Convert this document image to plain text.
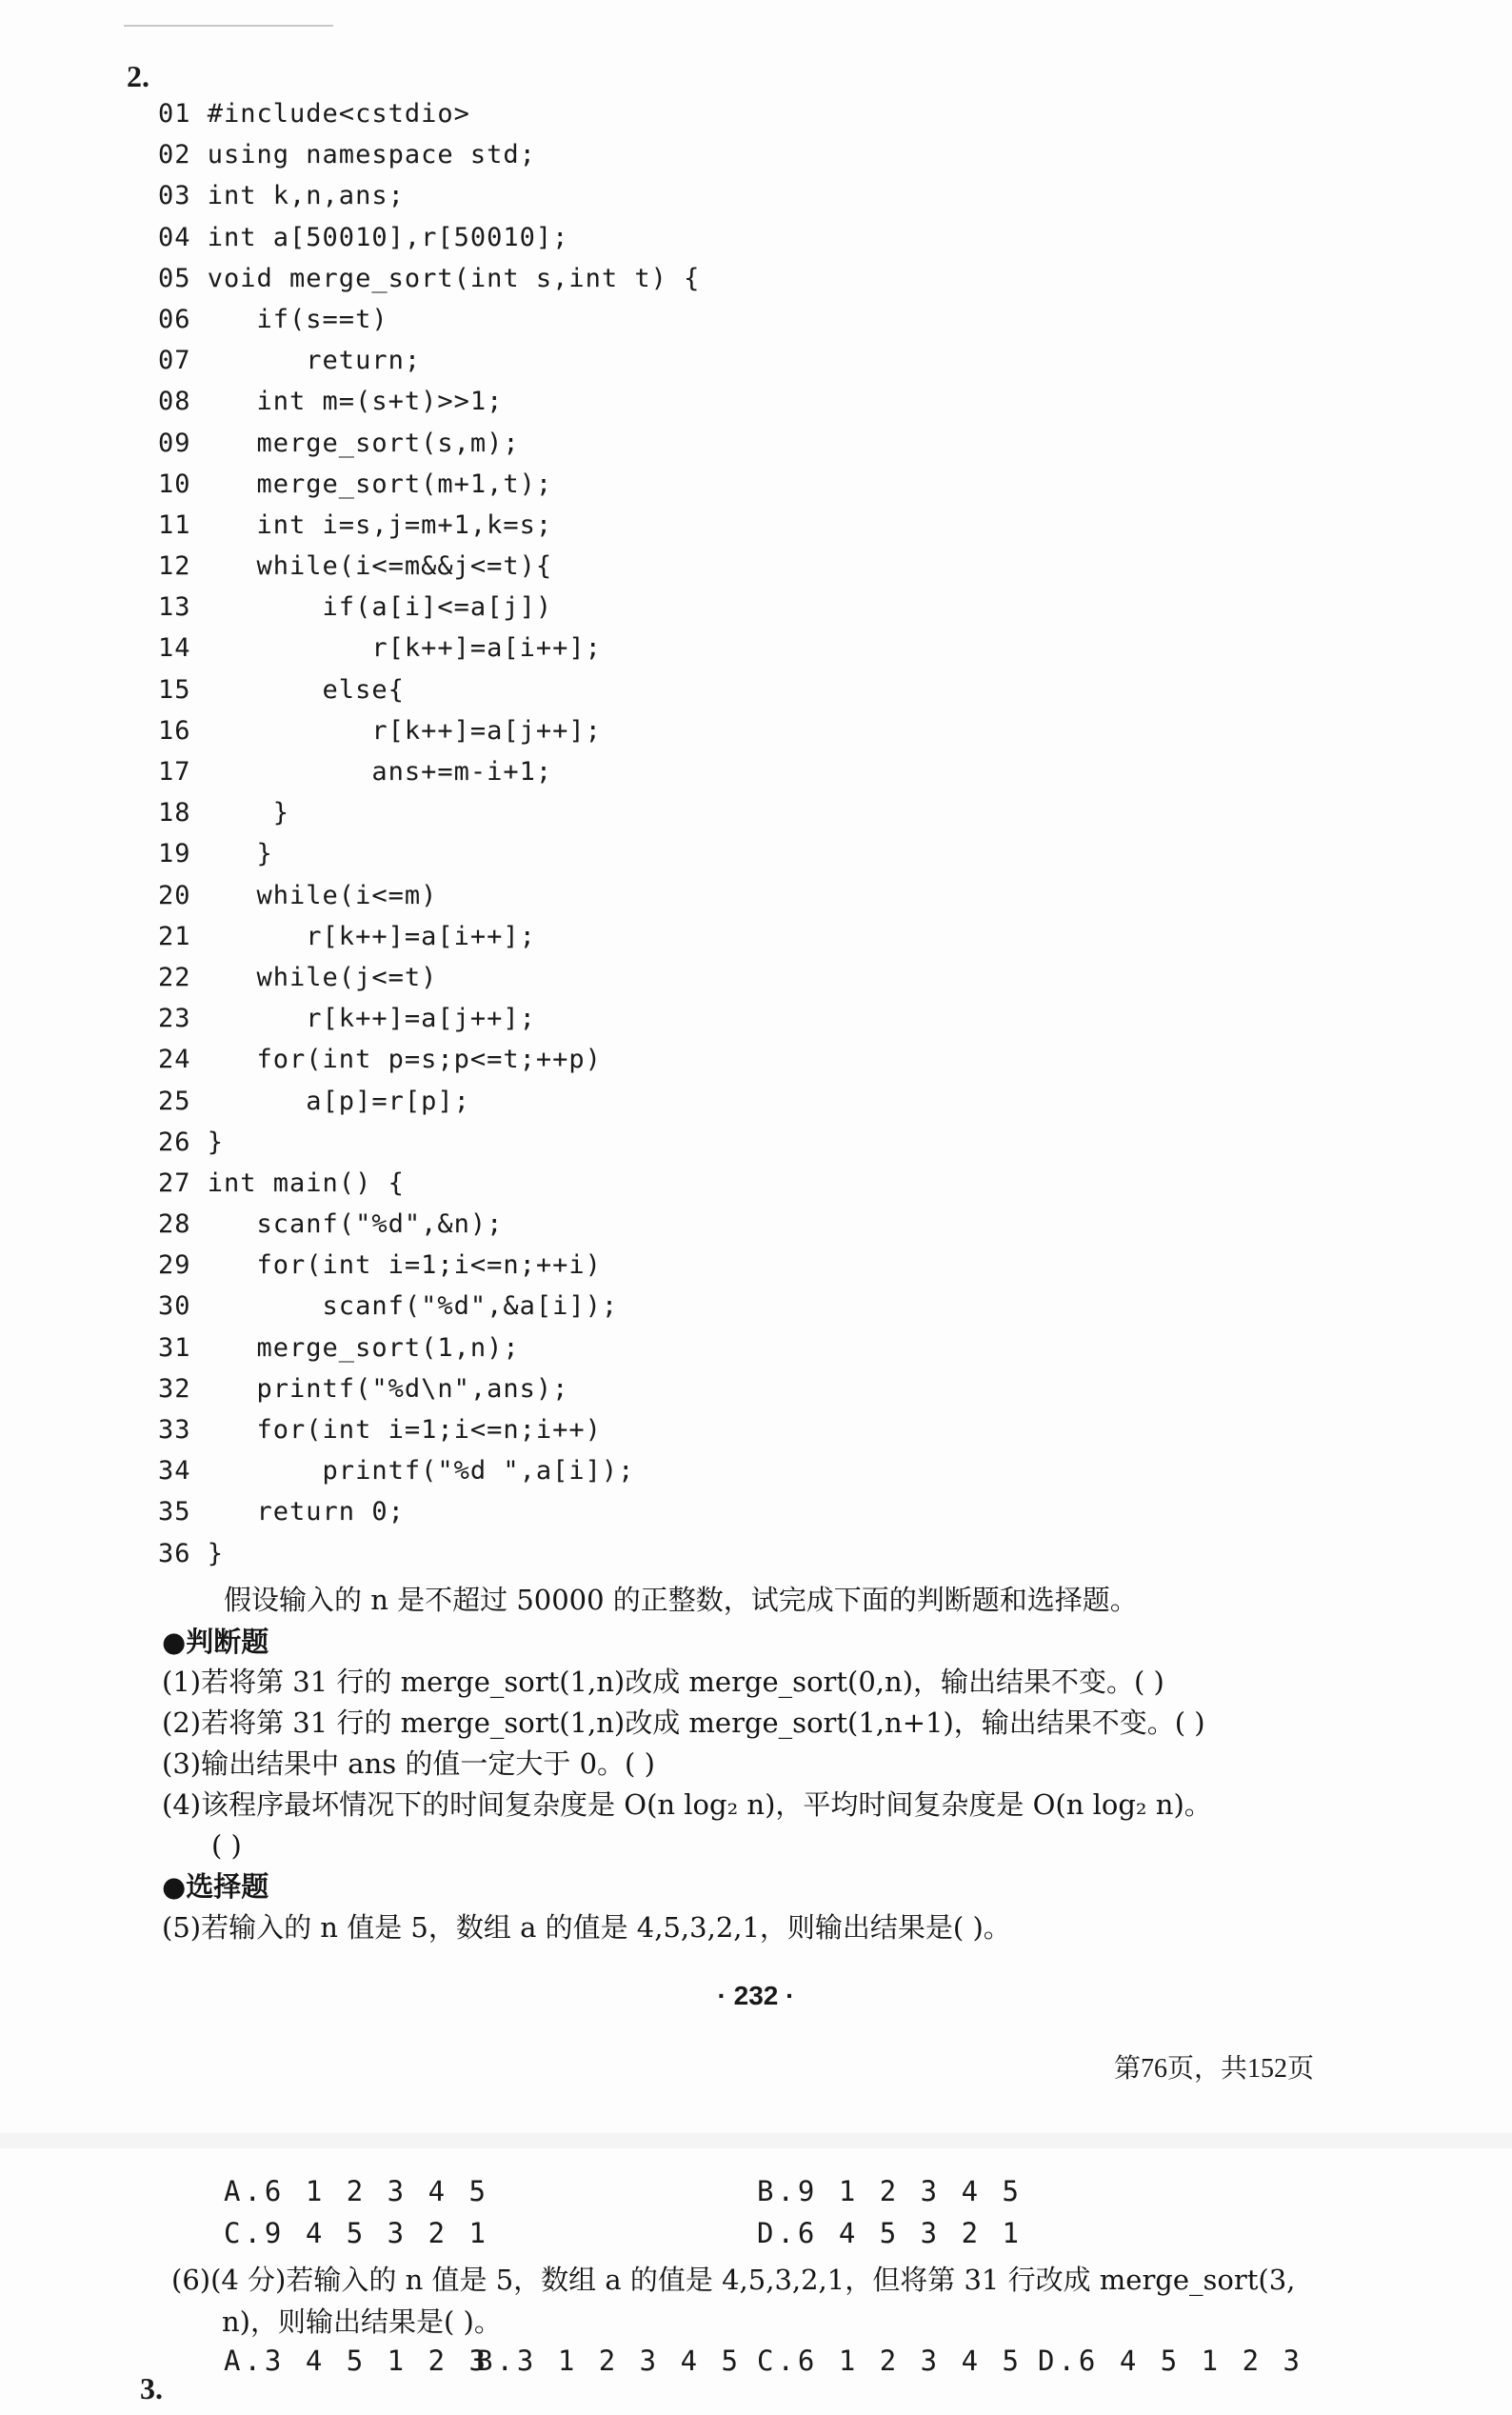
2.

01 #include<cstdio>
02 using namespace std;
03 int k,n,ans;
04 int a[50010],r[50010];
05 void merge_sort(int s,int t) {
06    if(s==t)
07       return;
08    int m=(s+t)>>1;
09    merge_sort(s,m);
10    merge_sort(m+1,t);
11    int i=s,j=m+1,k=s;
12    while(i<=m&&j<=t){
13        if(a[i]<=a[j])
14           r[k++]=a[i++];
15        else{
16           r[k++]=a[j++];
17           ans+=m-i+1;
18     }
19    }
20    while(i<=m)
21       r[k++]=a[i++];
22    while(j<=t)
23       r[k++]=a[j++];
24    for(int p=s;p<=t;++p)
25       a[p]=r[p];
26 }
27 int main() {
28    scanf("%d",&n);
29    for(int i=1;i<=n;++i)
30        scanf("%d",&a[i]);
31    merge_sort(1,n);
32    printf("%d\n",ans);
33    for(int i=1;i<=n;i++)
34        printf("%d ",a[i]);
35    return 0;
36 }

假设输入的 n 是不超过 50000 的正整数，试完成下面的判断题和选择题。

●判断题

(1)若将第 31 行的 merge_sort(1,n)改成 merge_sort(0,n)，输出结果不变。( )

(2)若将第 31 行的 merge_sort(1,n)改成 merge_sort(1,n+1)，输出结果不变。( )

(3)输出结果中 ans 的值一定大于 0。( )

(4)该程序最坏情况下的时间复杂度是 O(n log₂ n)，平均时间复杂度是 O(n log₂ n)。

( )

●选择题

(5)若输入的 n 值是 5，数组 a 的值是 4,5,3,2,1，则输出结果是( )。

· 232 ·

第76页，共152页

A.6 1 2 3 4 5	B.9 1 2 3 4 5

C.9 4 5 3 2 1	D.6 4 5 3 2 1

(6)(4 分)若输入的 n 值是 5，数组 a 的值是 4,5,3,2,1，但将第 31 行改成 merge_sort(3,

n)，则输出结果是( )。

A.3 4 5 1 2 3

B.3 1 2 3 4 5 C.6 1 2 3 4 5 D.6 4 5 1 2 3

3.
